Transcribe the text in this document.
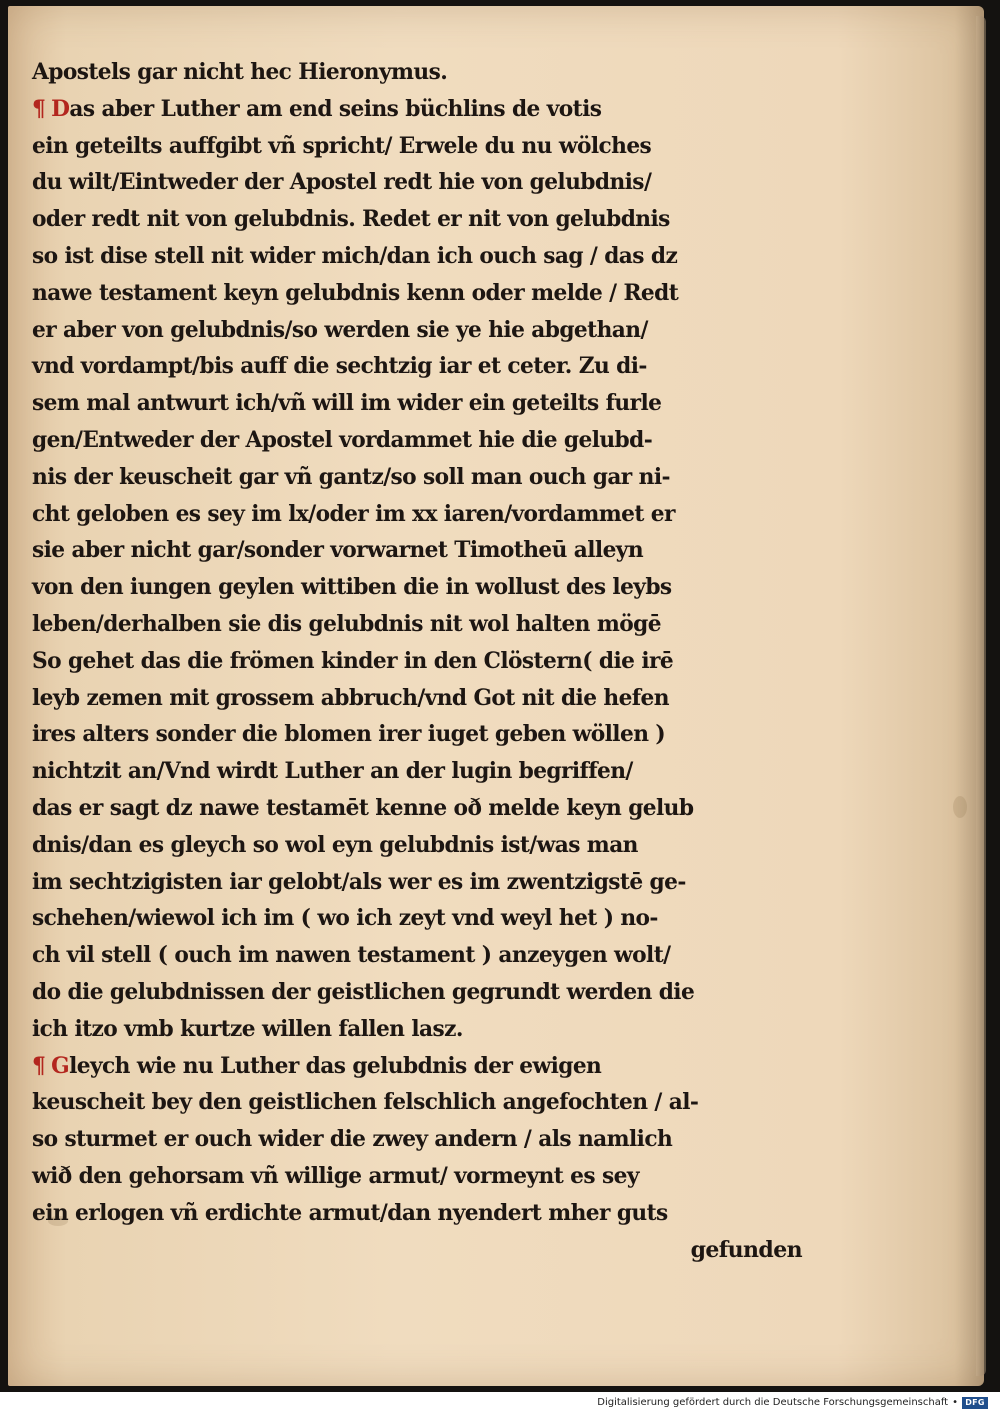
Apostels gar nicht hec Hieronymus.
¶ Das aber Luther am end seins büchlins de votis
ein geteilts auffgibt vñ spricht/ Erwele du nu wölches
du wilt/Eintweder der Apostel redt hie von gelubdnis/
oder redt nit von gelubdnis. Redet er nit von gelubdnis
so ist dise stell nit wider mich/dan ich ouch sag / das dz
nawe testament keyn gelubdnis kenn oder melde / Redt
er aber von gelubdnis/so werden sie ye hie abgethan/
vnd vordampt/bis auff die sechtzig iar et ceter. Zu di-
sem mal antwurt ich/vñ will im wider ein geteilts furle
gen/Entweder der Apostel vordammet hie die gelubd-
nis der keuscheit gar vñ gantz/so soll man ouch gar ni-
cht geloben es sey im lx/oder im xx iaren/vordammet er
sie aber nicht gar/sonder vorwarnet Timotheū alleyn
von den iungen geylen wittiben die in wollust des leybs
leben/derhalben sie dis gelubdnis nit wol halten mögē
So gehet das die frömen kinder in den Clöstern( die irē
leyb zemen mit grossem abbruch/vnd Got nit die hefen
ires alters sonder die blomen irer iuget geben wöllen )
nichtzit an/Vnd wirdt Luther an der lugin begriffen/
das er sagt dz nawe testamēt kenne oð melde keyn gelub
dnis/dan es gleych so wol eyn gelubdnis ist/was man
im sechtzigisten iar gelobt/als wer es im zwentzigstē ge-
schehen/wiewol ich im ( wo ich zeyt vnd weyl het ) no-
ch vil stell ( ouch im nawen testament ) anzeygen wolt/
do die gelubdnissen der geistlichen gegrundt werden die
ich itzo vmb kurtze willen fallen lasz.
¶ Gleych wie nu Luther das gelubdnis der ewigen
keuscheit bey den geistlichen felschlich angefochten / al-
so sturmet er ouch wider die zwey andern / als namlich
wið den gehorsam vñ willige armut/ vormeynt es sey
ein erlogen vñ erdichte armut/dan nyendert mher guts
gefunden
Digitalisierung gefördert durch die Deutsche Forschungsgemeinschaft • DFG
